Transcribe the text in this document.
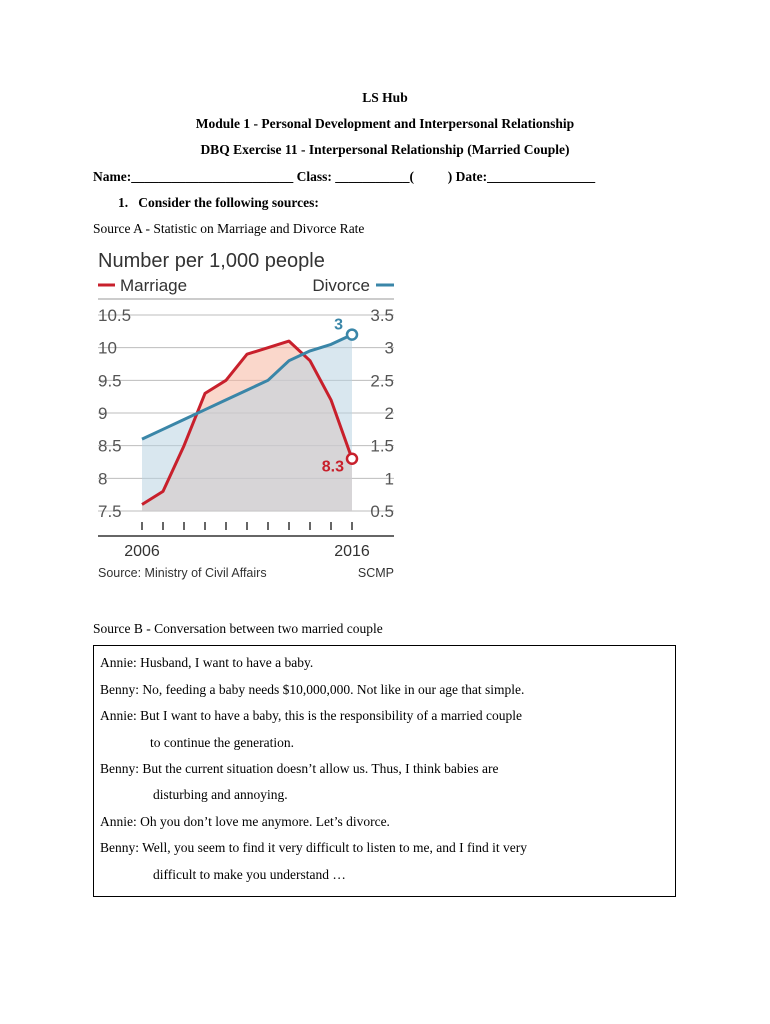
LS Hub
Module 1 - Personal Development and Interpersonal Relationship
DBQ Exercise 11 - Interpersonal Relationship (Married Couple)
Name:________________________ Class: ___________(	) Date:________________
1. Consider the following sources:
Source A - Statistic on Marriage and Divorce Rate
Number per 1,000 people
Marriage	Divorce
10.5
10
9.5
9
8.5
8
7.5
3.5
3
2.5
2
1.5
1
0.5
8.3
3
2006	2016
Source: Ministry of Civil Affairs	SCMP
Source B - Conversation between two married couple
Annie: Husband, I want to have a baby.
Benny: No, feeding a baby needs $10,000,000. Not like in our age that simple.
Annie: But I want to have a baby, this is the responsibility of a married couple
to continue the generation.
Benny: But the current situation doesn’t allow us. Thus, I think babies are
disturbing and annoying.
Annie: Oh you don’t love me anymore. Let’s divorce.
Benny: Well, you seem to find it very difficult to listen to me, and I find it very
difficult to make you understand …
